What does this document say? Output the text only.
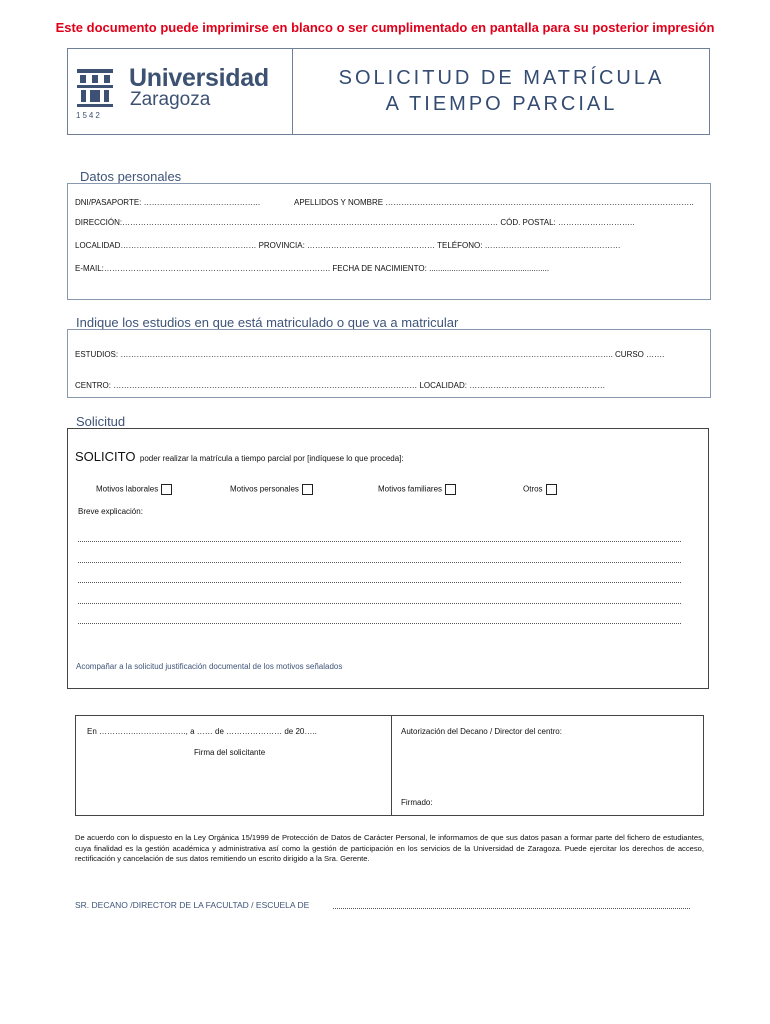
Este documento puede imprimirse en blanco o ser cumplimentado en pantalla para su posterior impresión
Universidad
Zaragoza
1542
SOLICITUD DE MATRÍCULA
A TIEMPO PARCIAL
Datos personales
DNI/PASAPORTE: ……………………………………..	APELLIDOS Y NOMBRE ……………………………………………………………………………………………………..
DIRECCIÓN:…………………………………………………………………………………………………………………………… CÓD. POSTAL: ………………………..
LOCALIDAD…………………………………………… PROVINCIA: ………………………………………… TELÉFONO: ……………………………………………
E-MAIL:…………………………………………………………………………. FECHA DE NACIMIENTO: ......................................................
Indique los estudios en que está matriculado o que va a matricular
ESTUDIOS: ………………………………………………………………………………………………………………………………………………………………….. CURSO …….
CENTRO: …………………………………………………………………………………………………… LOCALIDAD: ……………………………………………
Solicitud
SOLICITO poder realizar la matrícula a tiempo parcial por [indíquese lo que proceda]:
Motivos laborales	Motivos personales	Motivos familiares	Otros
Breve explicación:
Acompañar a la solicitud justificación documental de los motivos señalados
En …………..………………., a …… de ………………… de 20…..
Firma del solicitante
Autorización del Decano / Director del centro:
Firmado:
De acuerdo con lo dispuesto en la Ley Orgánica 15/1999 de Protección de Datos de Carácter Personal, le informamos de que sus datos pasan a formar parte del fichero de estudiantes, cuya finalidad es la gestión académica y administrativa así como la gestión de participación en los servicios de la Universidad de Zaragoza. Puede ejercitar los derechos de acceso, rectificación y cancelación de sus datos remitiendo un escrito dirigido a la Sra. Gerente.
SR. DECANO /DIRECTOR DE LA FACULTAD / ESCUELA DE
